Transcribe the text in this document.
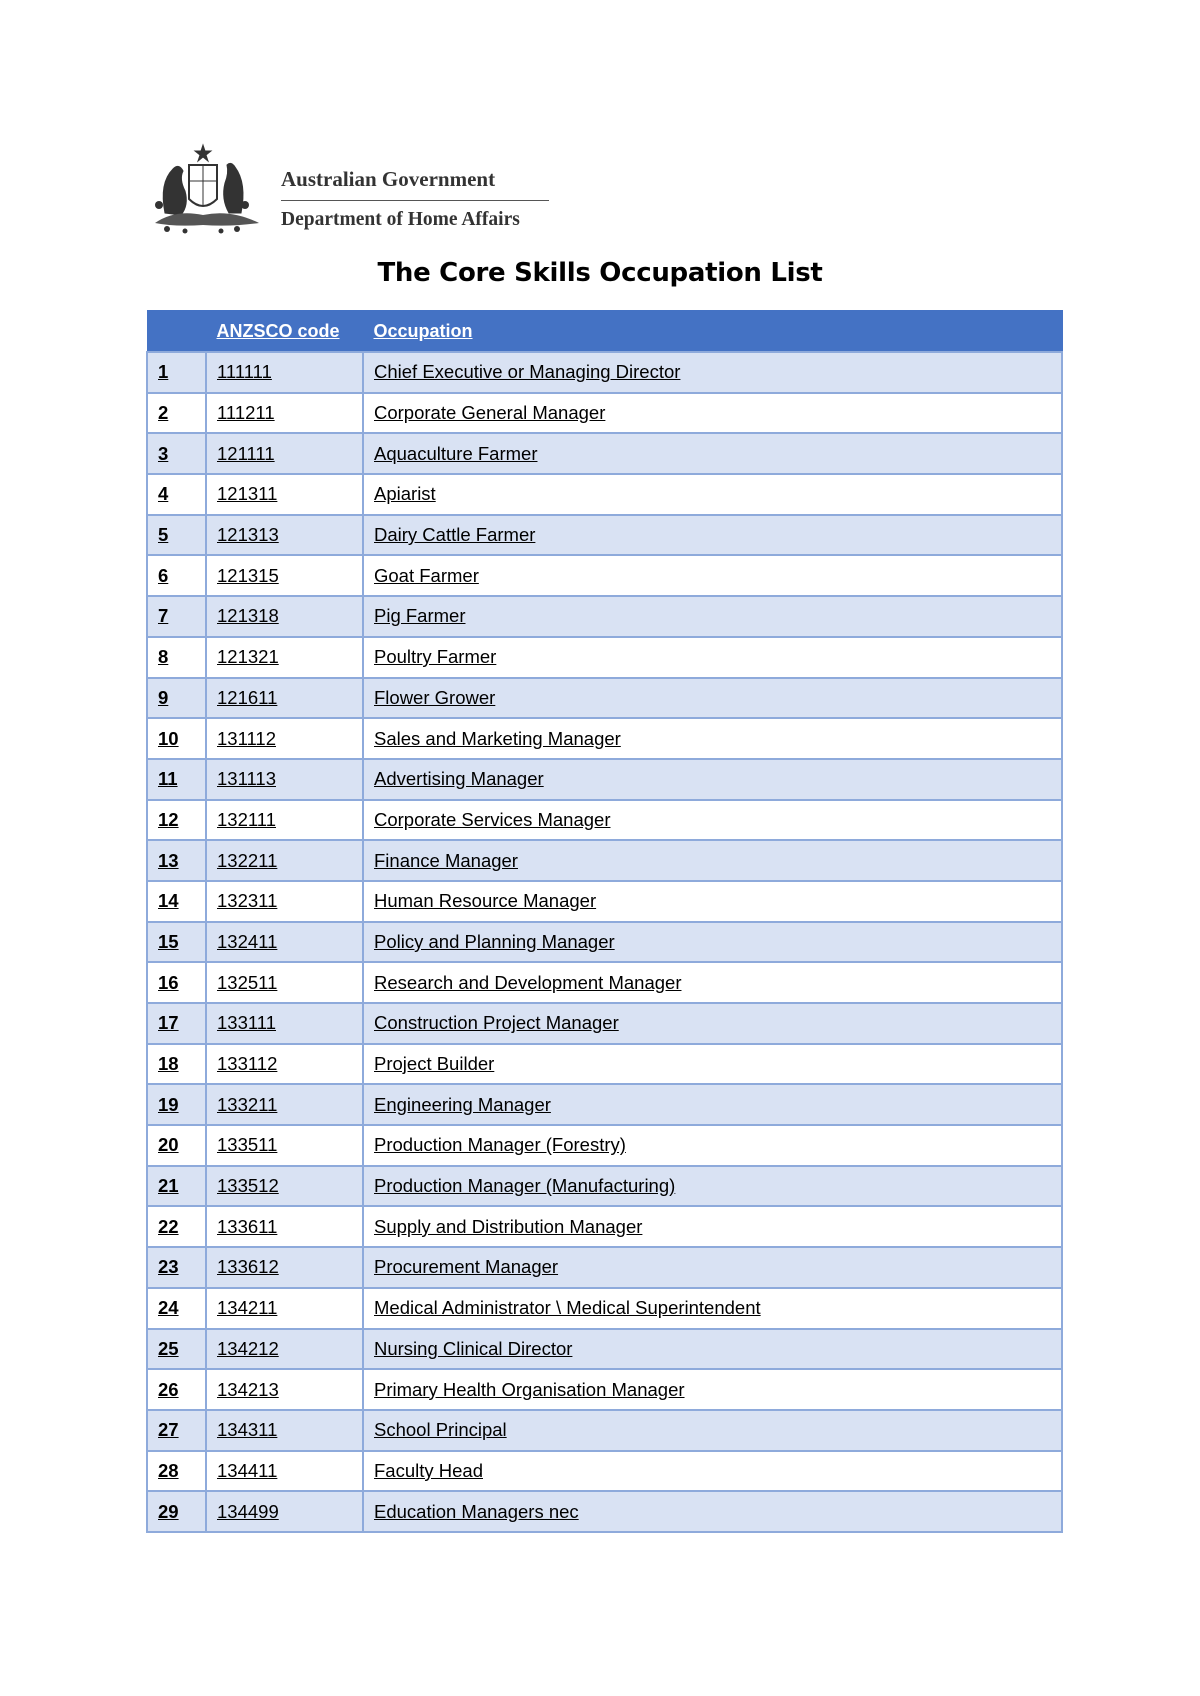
Australian Government
Department of Home Affairs
The Core Skills Occupation List
	ANZSCO code	Occupation
1	111111	Chief Executive or Managing Director
2	111211	Corporate General Manager
3	121111	Aquaculture Farmer
4	121311	Apiarist
5	121313	Dairy Cattle Farmer
6	121315	Goat Farmer
7	121318	Pig Farmer
8	121321	Poultry Farmer
9	121611	Flower Grower
10	131112	Sales and Marketing Manager
11	131113	Advertising Manager
12	132111	Corporate Services Manager
13	132211	Finance Manager
14	132311	Human Resource Manager
15	132411	Policy and Planning Manager
16	132511	Research and Development Manager
17	133111	Construction Project Manager
18	133112	Project Builder
19	133211	Engineering Manager
20	133511	Production Manager (Forestry)
21	133512	Production Manager (Manufacturing)
22	133611	Supply and Distribution Manager
23	133612	Procurement Manager
24	134211	Medical Administrator \ Medical Superintendent
25	134212	Nursing Clinical Director
26	134213	Primary Health Organisation Manager
27	134311	School Principal
28	134411	Faculty Head
29	134499	Education Managers nec
